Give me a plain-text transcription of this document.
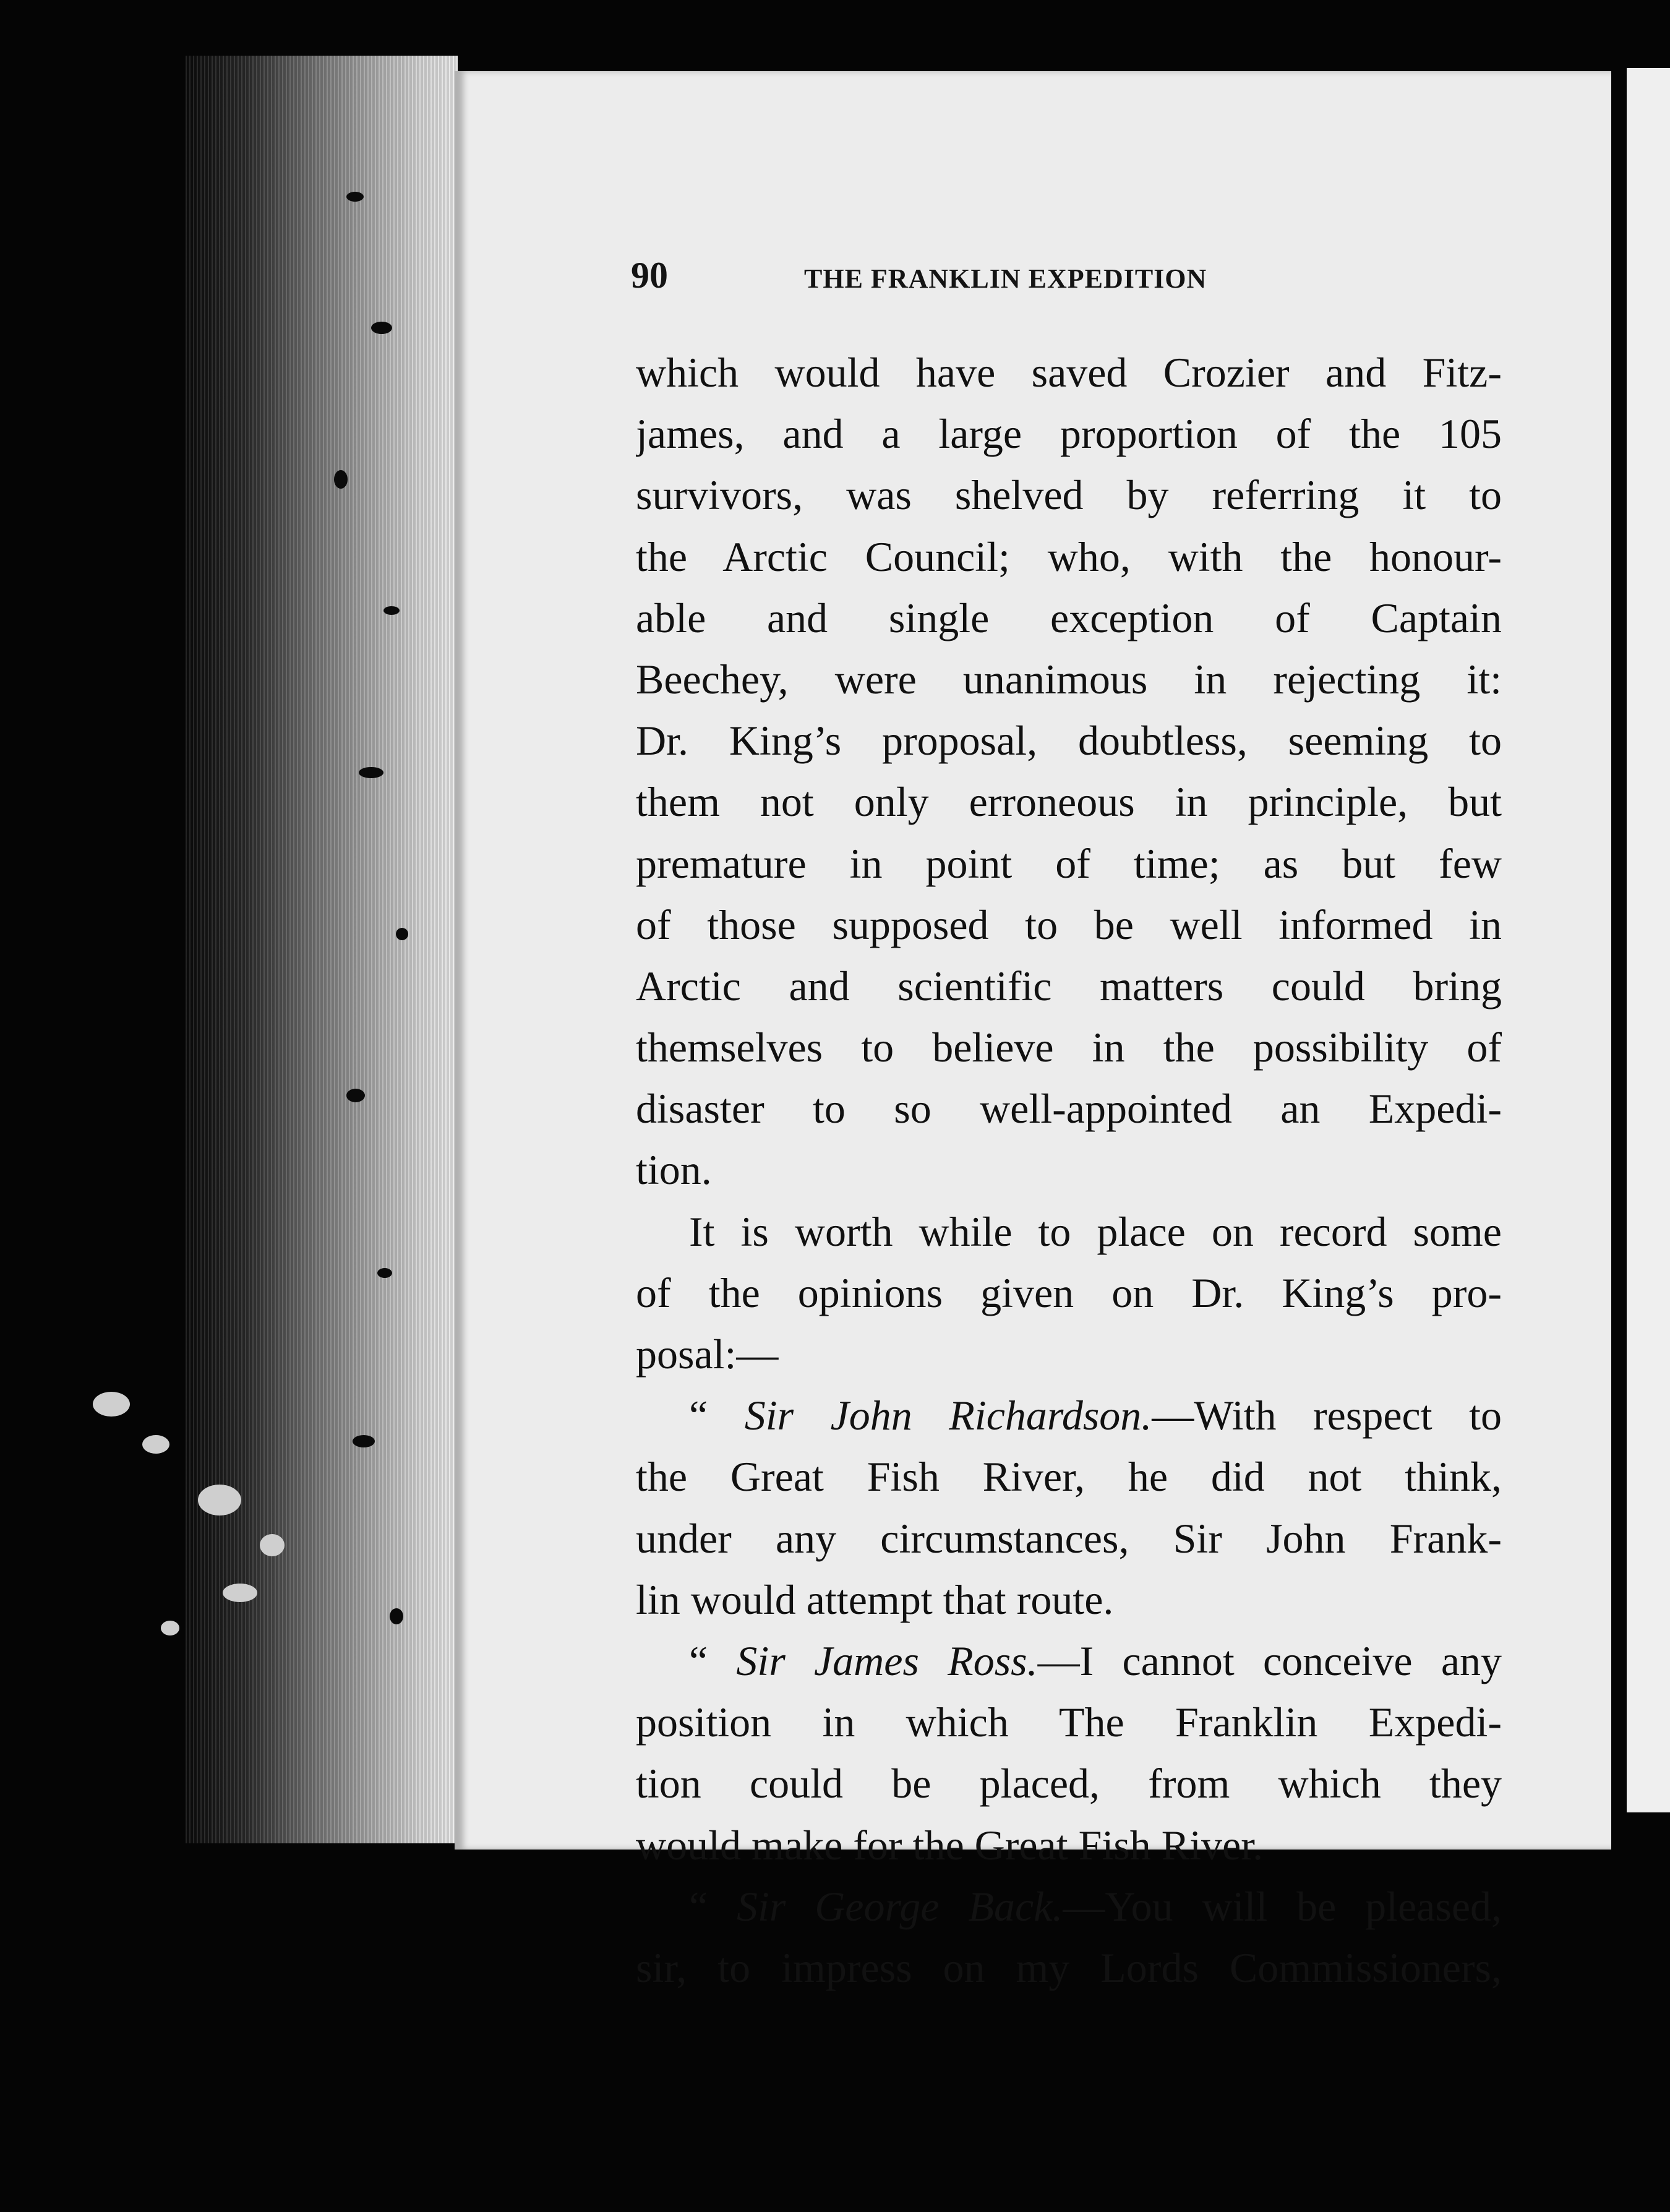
90	THE FRANKLIN EXPEDITION
which would have saved Crozier and Fitz-
james, and a large proportion of the 105
survivors, was shelved by referring it to
the Arctic Council; who, with the honour-
able and single exception of Captain
Beechey, were unanimous in rejecting it:
Dr. King’s proposal, doubtless, seeming to
them not only erroneous in principle, but
premature in point of time; as but few
of those supposed to be well informed in
Arctic and scientific matters could bring
themselves to believe in the possibility of
disaster to so well-appointed an Expedi-
tion.
It is worth while to place on record some
of the opinions given on Dr. King’s pro-
posal:—
“ Sir John Richardson.—With respect to
the Great Fish River, he did not think,
under any circumstances, Sir John Frank-
lin would attempt that route.
“ Sir James Ross.—I cannot conceive any
position in which The Franklin Expedi-
tion could be placed, from which they
would make for the Great Fish River.
“ Sir George Back.—You will be pleased,
sir, to impress on my Lords Commissioners,
